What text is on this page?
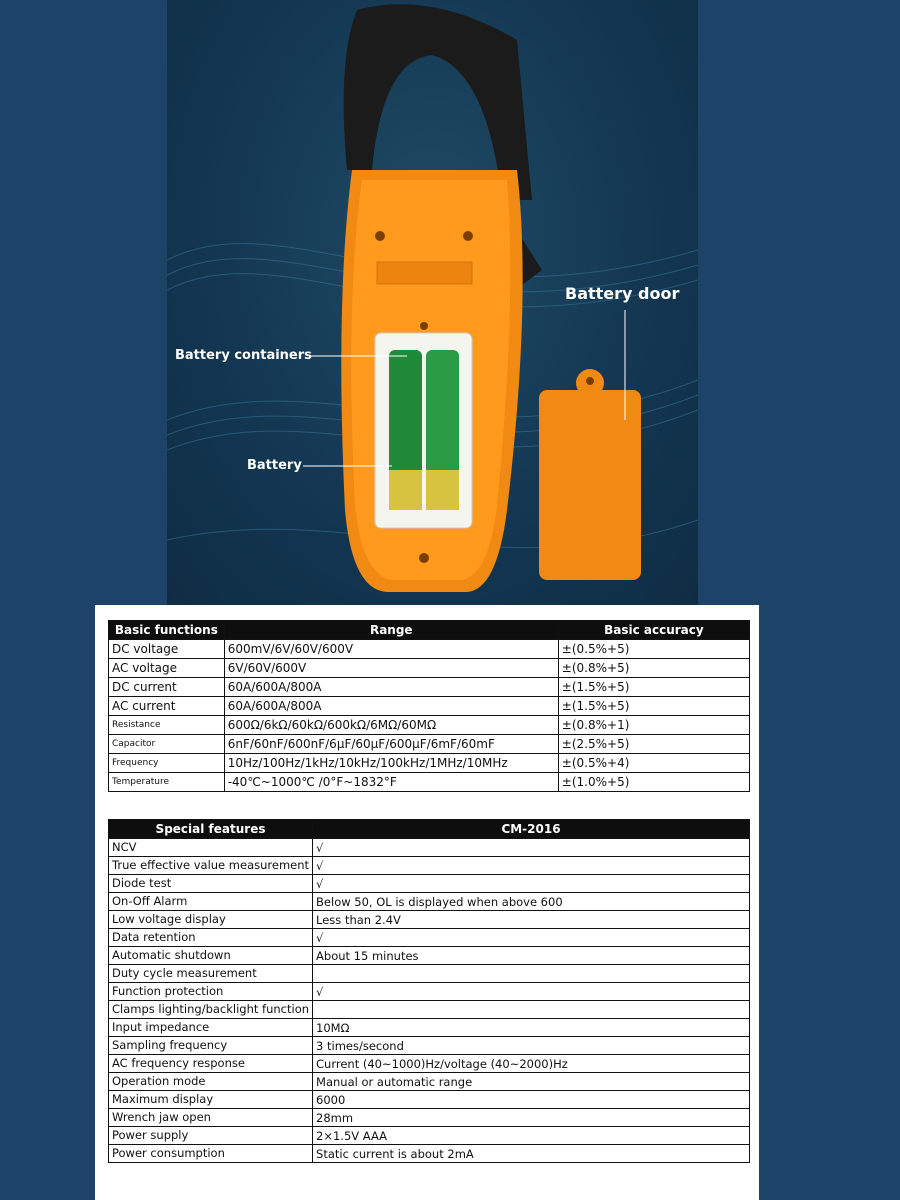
Battery door
Battery containers
Battery
Basic functions	Range	Basic accuracy
DC voltage	600mV/6V/60V/600V	±(0.5%+5)
AC voltage	6V/60V/600V	±(0.8%+5)
DC current	60A/600A/800A	±(1.5%+5)
AC current	60A/600A/800A	±(1.5%+5)
Resistance	600Ω/6kΩ/60kΩ/600kΩ/6MΩ/60MΩ	±(0.8%+1)
Capacitor	6nF/60nF/600nF/6μF/60μF/600μF/6mF/60mF	±(2.5%+5)
Frequency	10Hz/100Hz/1kHz/10kHz/100kHz/1MHz/10MHz	±(0.5%+4)
Temperature	-40℃~1000℃ /0°F~1832°F	±(1.0%+5)
Special features	CM-2016
NCV	√
True effective value measurement	√
Diode test	√
On-Off Alarm	Below 50, OL is displayed when above 600
Low voltage display	Less than 2.4V
Data retention	√
Automatic shutdown	About 15 minutes
Duty cycle measurement	
Function protection	√
Clamps lighting/backlight function	
Input impedance	10MΩ
Sampling frequency	3 times/second
AC frequency response	Current (40~1000)Hz/voltage (40~2000)Hz
Operation mode	Manual or automatic range
Maximum display	6000
Wrench jaw open	28mm
Power supply	2×1.5V AAA
Power consumption	Static current is about 2mA
